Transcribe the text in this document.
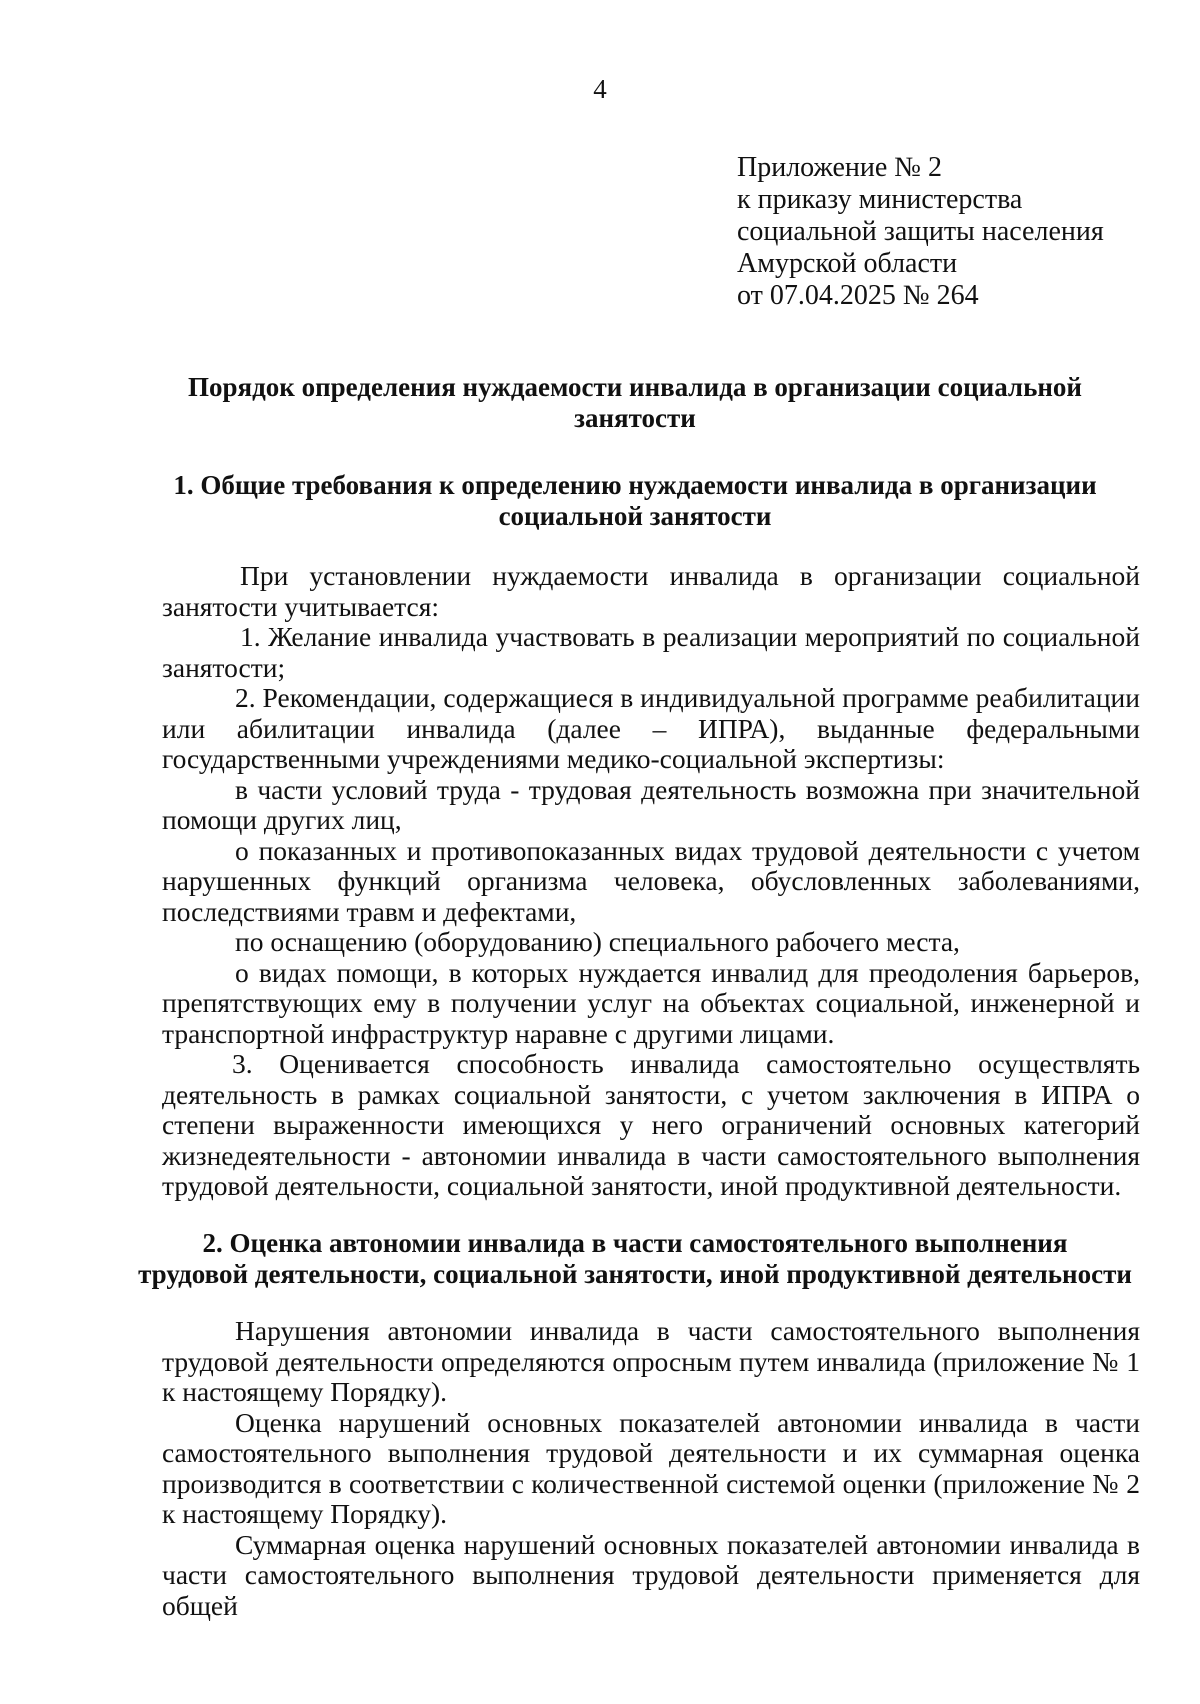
4
Приложение № 2
к приказу министерства
социальной защиты населения
Амурской области
от 07.04.2025 № 264
Порядок определения нуждаемости инвалида в организации социальной
занятости
1. Общие требования к определению нуждаемости инвалида в организации
социальной занятости

При установлении нуждаемости инвалида в организации социальной занятости учитывается:

1. Желание инвалида участвовать в реализации мероприятий по социальной занятости;

2. Рекомендации, содержащиеся в индивидуальной программе реабилитации или абилитации инвалида (далее – ИПРА), выданные федеральными государственными учреждениями медико-социальной экспертизы:

в части условий труда - трудовая деятельность возможна при значительной помощи других лиц,

о показанных и противопоказанных видах трудовой деятельности с учетом нарушенных функций организма человека, обусловленных заболеваниями, последствиями травм и дефектами,

по оснащению (оборудованию) специального рабочего места,

о видах помощи, в которых нуждается инвалид для преодоления барьеров, препятствующих ему в получении услуг на объектах социальной, инженерной и транспортной инфраструктур наравне с другими лицами.

3. Оценивается способность инвалида самостоятельно осуществлять деятельность в рамках социальной занятости, с учетом заключения в ИПРА о степени выраженности имеющихся у него ограничений основных категорий жизнедеятельности - автономии инвалида в части самостоятельного выполнения трудовой деятельности, социальной занятости, иной продуктивной деятельности.

2. Оценка автономии инвалида в части самостоятельного выполнения
трудовой деятельности, социальной занятости, иной продуктивной деятельности

Нарушения автономии инвалида в части самостоятельного выполнения трудовой деятельности определяются опросным путем инвалида (приложение № 1 к настоящему Порядку).

Оценка нарушений основных показателей автономии инвалида в части самостоятельного выполнения трудовой деятельности и их суммарная оценка производится в соответствии с количественной системой оценки (приложение № 2 к настоящему Порядку).

Суммарная оценка нарушений основных показателей автономии инвалида в части самостоятельного выполнения трудовой деятельности применяется для общей
